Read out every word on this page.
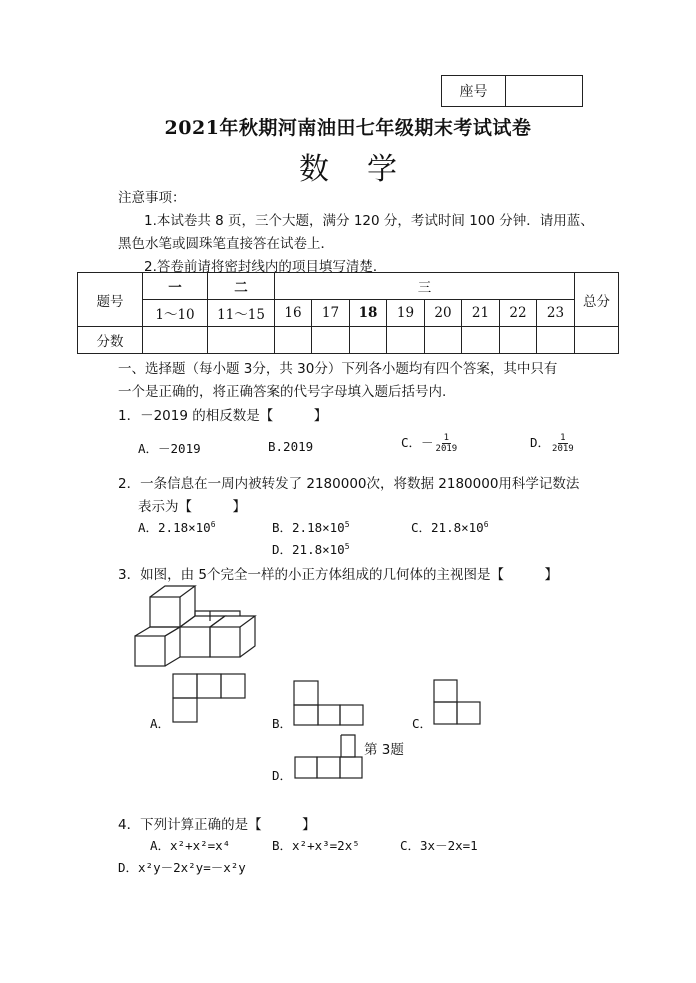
座号
2021年秋期河南油田七年级期末考试试卷
数学
注意事项：
1.本试卷共 8 页，三个大题，满分 120 分，考试时间 100 分钟．请用蓝、
黑色水笔或圆珠笔直接答在试卷上．
2.答卷前请将密封线内的项目填写清楚．
题号	一	二	三								总分
	1～10	11～15	16	17	18	19	20	21	22	23	
分数											
一、选择题（每小题 3分，共 30分）下列各小题均有四个答案，其中只有
一个是正确的，将正确答案的代号字母填入题后括号内.
1．－2019 的相反数是【　　　】
A．－2019	B.2019	C．－ $\frac{1}{2019}$	D． $\frac{1}{2019}$
2．一条信息在一周内被转发了 2180000次，将数据 2180000用科学记数法
表示为【　　　】
A．$2.18\times 10^6$	B．$2.18\times 10^5$	C．$21.8\times 10^6$
D．$21.8\times 10^5$
3．如图，由 5个完全一样的小正方体组成的几何体的主视图是【　　　】
A．	B．	C．
D．
第 3题
4．下列计算正确的是【　　　】
A．x²+x²=x⁴	B．x²+x³=2x⁵	C．3x－2x=1
D．x²y－2x²y=－x²y
